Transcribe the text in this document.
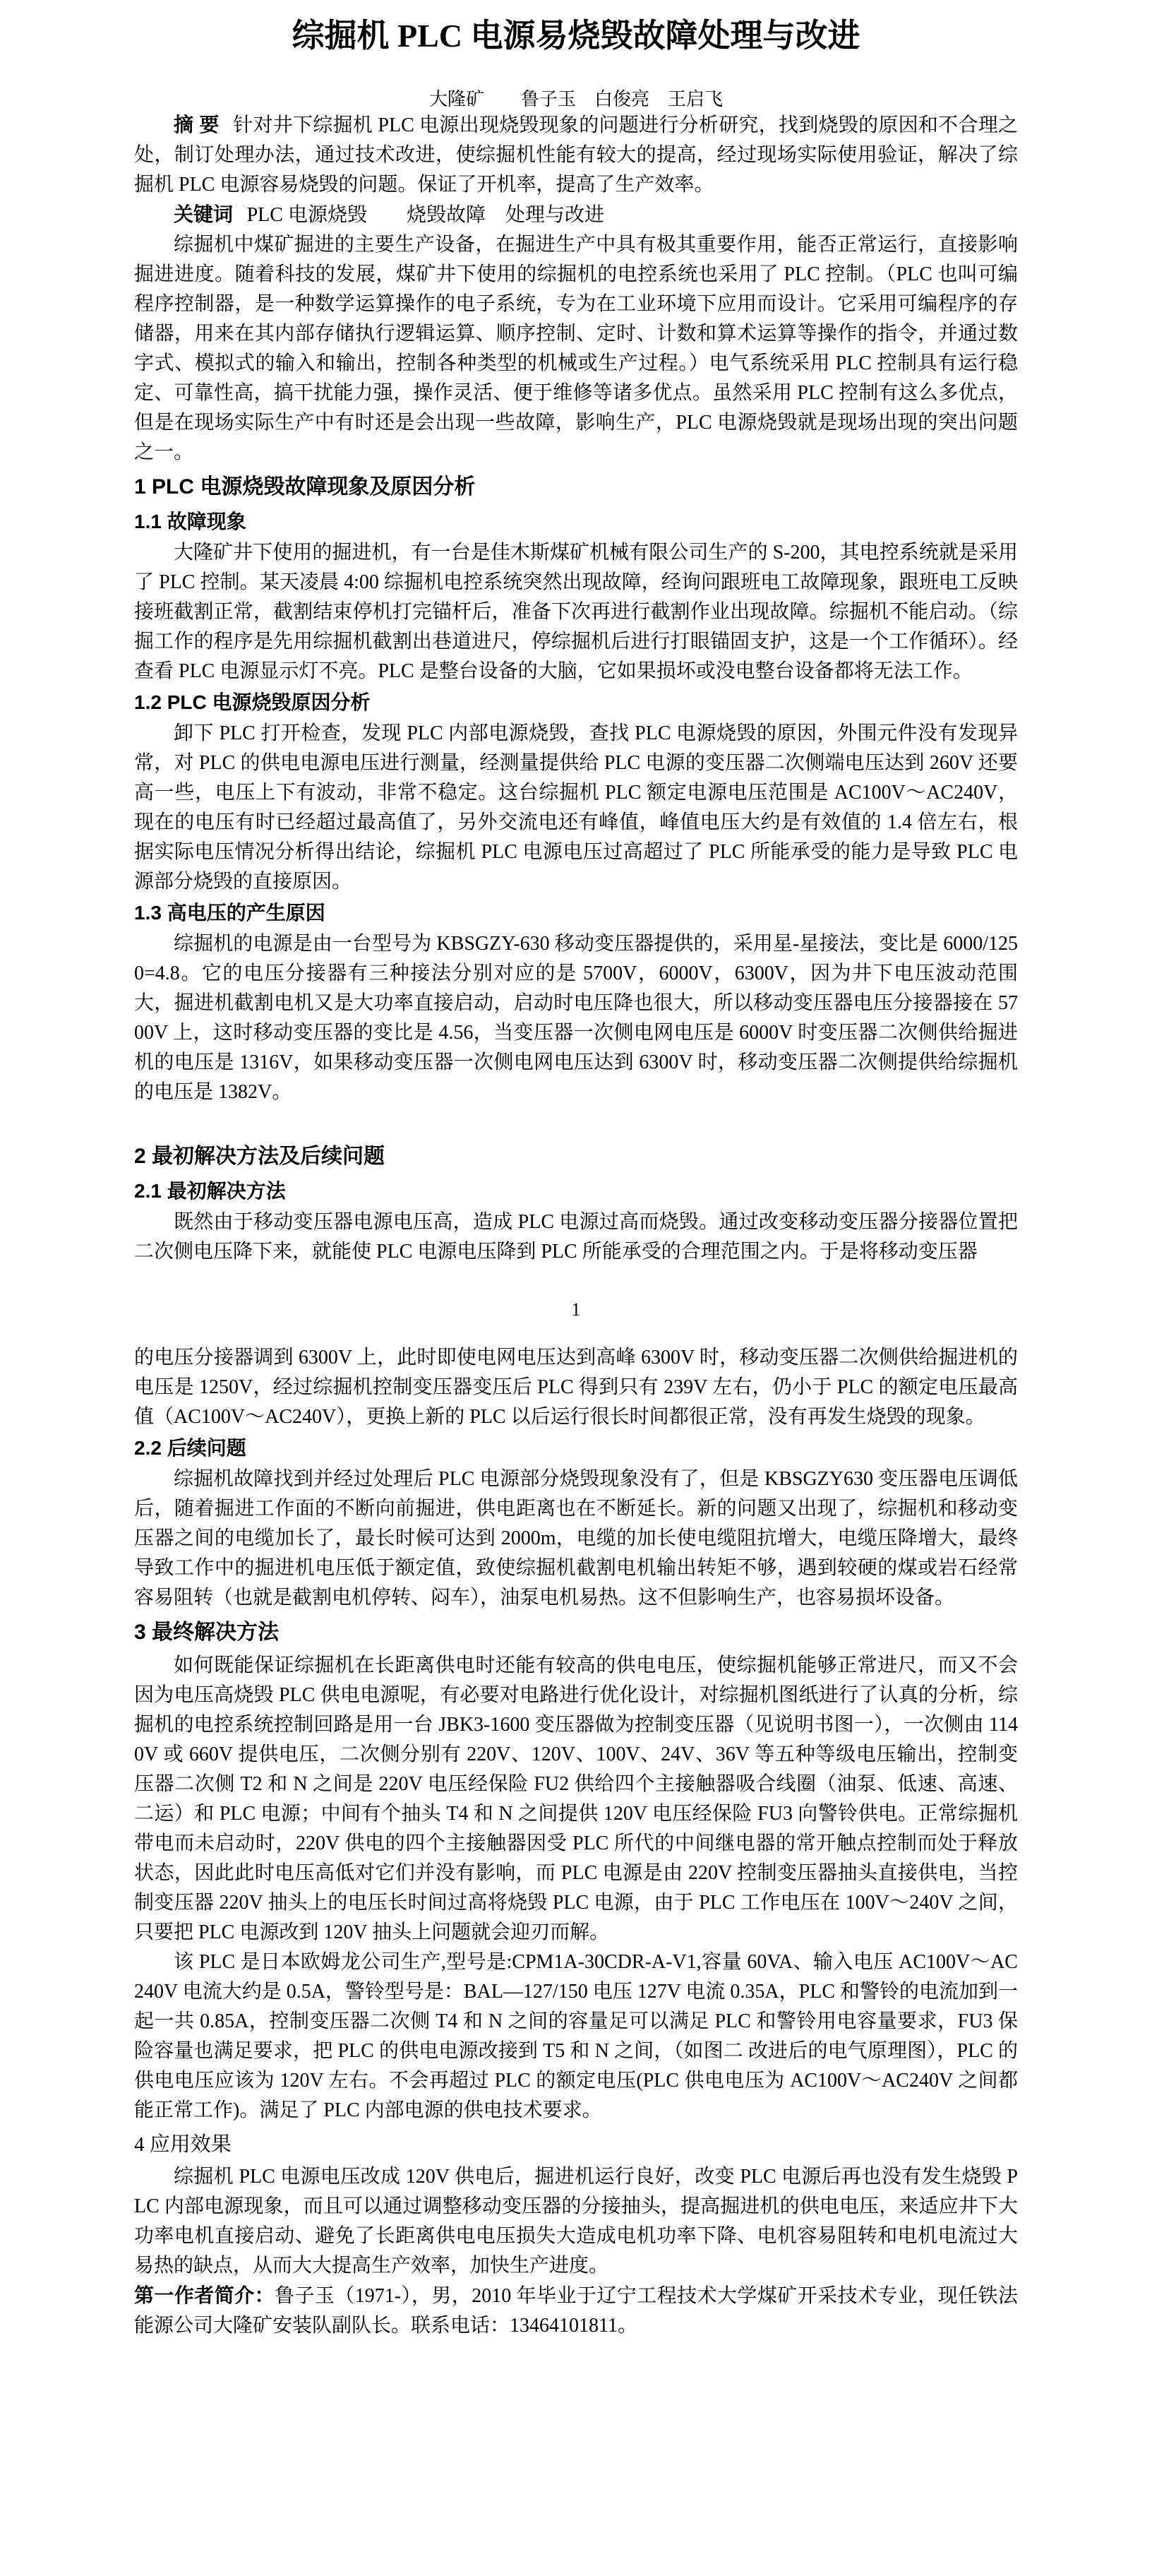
综掘机 PLC 电源易烧毁故障处理与改进
大隆矿　　鲁子玉　白俊亮　王启飞

摘 要 针对井下综掘机 PLC 电源出现烧毁现象的问题进行分析研究，找到烧毁的原因和不合理之处，制订处理办法，通过技术改进，使综掘机性能有较大的提高，经过现场实际使用验证，解决了综掘机 PLC 电源容易烧毁的问题。保证了开机率，提高了生产效率。

关键词 PLC 电源烧毁　　烧毁故障　处理与改进

综掘机中煤矿掘进的主要生产设备，在掘进生产中具有极其重要作用，能否正常运行，直接影响掘进进度。随着科技的发展，煤矿井下使用的综掘机的电控系统也采用了 PLC 控制。（PLC 也叫可编程序控制器，是一种数学运算操作的电子系统，专为在工业环境下应用而设计。它采用可编程序的存储器，用来在其内部存储执行逻辑运算、顺序控制、定时、计数和算术运算等操作的指令，并通过数字式、模拟式的输入和输出，控制各种类型的机械或生产过程。）电气系统采用 PLC 控制具有运行稳定、可靠性高，搞干扰能力强，操作灵活、便于维修等诸多优点。虽然采用 PLC 控制有这么多优点，但是在现场实际生产中有时还是会出现一些故障，影响生产，PLC 电源烧毁就是现场出现的突出问题之一。

1 PLC 电源烧毁故障现象及原因分析
1.1 故障现象

大隆矿井下使用的掘进机，有一台是佳木斯煤矿机械有限公司生产的 S-200，其电控系统就是采用了 PLC 控制。某天凌晨 4:00 综掘机电控系统突然出现故障，经询问跟班电工故障现象，跟班电工反映接班截割正常，截割结束停机打完锚杆后，准备下次再进行截割作业出现故障。综掘机不能启动。（综掘工作的程序是先用综掘机截割出巷道进尺，停综掘机后进行打眼锚固支护，这是一个工作循环）。经查看 PLC 电源显示灯不亮。PLC 是整台设备的大脑，它如果损坏或没电整台设备都将无法工作。

1.2 PLC 电源烧毁原因分析

卸下 PLC 打开检查，发现 PLC 内部电源烧毁，查找 PLC 电源烧毁的原因，外围元件没有发现异常，对 PLC 的供电电源电压进行测量，经测量提供给 PLC 电源的变压器二次侧端电压达到 260V 还要高一些，电压上下有波动，非常不稳定。这台综掘机 PLC 额定电源电压范围是 AC100V～AC240V，现在的电压有时已经超过最高值了，另外交流电还有峰值，峰值电压大约是有效值的 1.4 倍左右，根据实际电压情况分析得出结论，综掘机 PLC 电源电压过高超过了 PLC 所能承受的能力是导致 PLC 电源部分烧毁的直接原因。

1.3 高电压的产生原因

综掘机的电源是由一台型号为 KBSGZY-630 移动变压器提供的，采用星-星接法，变比是 6000/1250=4.8。它的电压分接器有三种接法分别对应的是 5700V，6000V，6300V，因为井下电压波动范围大，掘进机截割电机又是大功率直接启动，启动时电压降也很大，所以移动变压器电压分接器接在 5700V 上，这时移动变压器的变比是 4.56，当变压器一次侧电网电压是 6000V 时变压器二次侧供给掘进机的电压是 1316V，如果移动变压器一次侧电网电压达到 6300V 时，移动变压器二次侧提供给综掘机的电压是 1382V。

2 最初解决方法及后续问题
2.1 最初解决方法

既然由于移动变压器电源电压高，造成 PLC 电源过高而烧毁。通过改变移动变压器分接器位置把二次侧电压降下来，就能使 PLC 电源电压降到 PLC 所能承受的合理范围之内。于是将移动变压器

1

的电压分接器调到 6300V 上，此时即使电网电压达到高峰 6300V 时，移动变压器二次侧供给掘进机的电压是 1250V，经过综掘机控制变压器变压后 PLC 得到只有 239V 左右，仍小于 PLC 的额定电压最高值（AC100V～AC240V），更换上新的 PLC 以后运行很长时间都很正常，没有再发生烧毁的现象。

2.2 后续问题

综掘机故障找到并经过处理后 PLC 电源部分烧毁现象没有了，但是 KBSGZY630 变压器电压调低后，随着掘进工作面的不断向前掘进，供电距离也在不断延长。新的问题又出现了，综掘机和移动变压器之间的电缆加长了，最长时候可达到 2000m，电缆的加长使电缆阻抗增大，电缆压降增大，最终导致工作中的掘进机电压低于额定值，致使综掘机截割电机输出转矩不够，遇到较硬的煤或岩石经常容易阻转（也就是截割电机停转、闷车），油泵电机易热。这不但影响生产，也容易损坏设备。

3 最终解决方法

如何既能保证综掘机在长距离供电时还能有较高的供电电压，使综掘机能够正常进尺，而又不会因为电压高烧毁 PLC 供电电源呢，有必要对电路进行优化设计，对综掘机图纸进行了认真的分析，综掘机的电控系统控制回路是用一台 JBK3-1600 变压器做为控制变压器（见说明书图一），一次侧由 1140V 或 660V 提供电压，二次侧分别有 220V、120V、100V、24V、36V 等五种等级电压输出，控制变压器二次侧 T2 和 N 之间是 220V 电压经保险 FU2 供给四个主接触器吸合线圈（油泵、低速、高速、二运）和 PLC 电源；中间有个抽头 T4 和 N 之间提供 120V 电压经保险 FU3 向警铃供电。正常综掘机带电而未启动时，220V 供电的四个主接触器因受 PLC 所代的中间继电器的常开触点控制而处于释放状态，因此此时电压高低对它们并没有影响，而 PLC 电源是由 220V 控制变压器抽头直接供电，当控制变压器 220V 抽头上的电压长时间过高将烧毁 PLC 电源，由于 PLC 工作电压在 100V～240V 之间，只要把 PLC 电源改到 120V 抽头上问题就会迎刃而解。

该 PLC 是日本欧姆龙公司生产,型号是:CPM1A-30CDR-A-V1,容量 60VA、输入电压 AC100V～AC240V 电流大约是 0.5A，警铃型号是：BAL—127/150 电压 127V 电流 0.35A，PLC 和警铃的电流加到一起一共 0.85A，控制变压器二次侧 T4 和 N 之间的容量足可以满足 PLC 和警铃用电容量要求，FU3 保险容量也满足要求，把 PLC 的供电电源改接到 T5 和 N 之间，（如图二 改进后的电气原理图），PLC 的供电电压应该为 120V 左右。不会再超过 PLC 的额定电压(PLC 供电电压为 AC100V～AC240V 之间都能正常工作)。满足了 PLC 内部电源的供电技术要求。

4 应用效果

综掘机 PLC 电源电压改成 120V 供电后，掘进机运行良好，改变 PLC 电源后再也没有发生烧毁 PLC 内部电源现象，而且可以通过调整移动变压器的分接抽头，提高掘进机的供电电压，来适应井下大功率电机直接启动、避免了长距离供电电压损失大造成电机功率下降、电机容易阻转和电机电流过大易热的缺点，从而大大提高生产效率，加快生产进度。

第一作者简介：鲁子玉（1971-），男，2010 年毕业于辽宁工程技术大学煤矿开采技术专业，现任铁法能源公司大隆矿安装队副队长。联系电话：13464101811。
